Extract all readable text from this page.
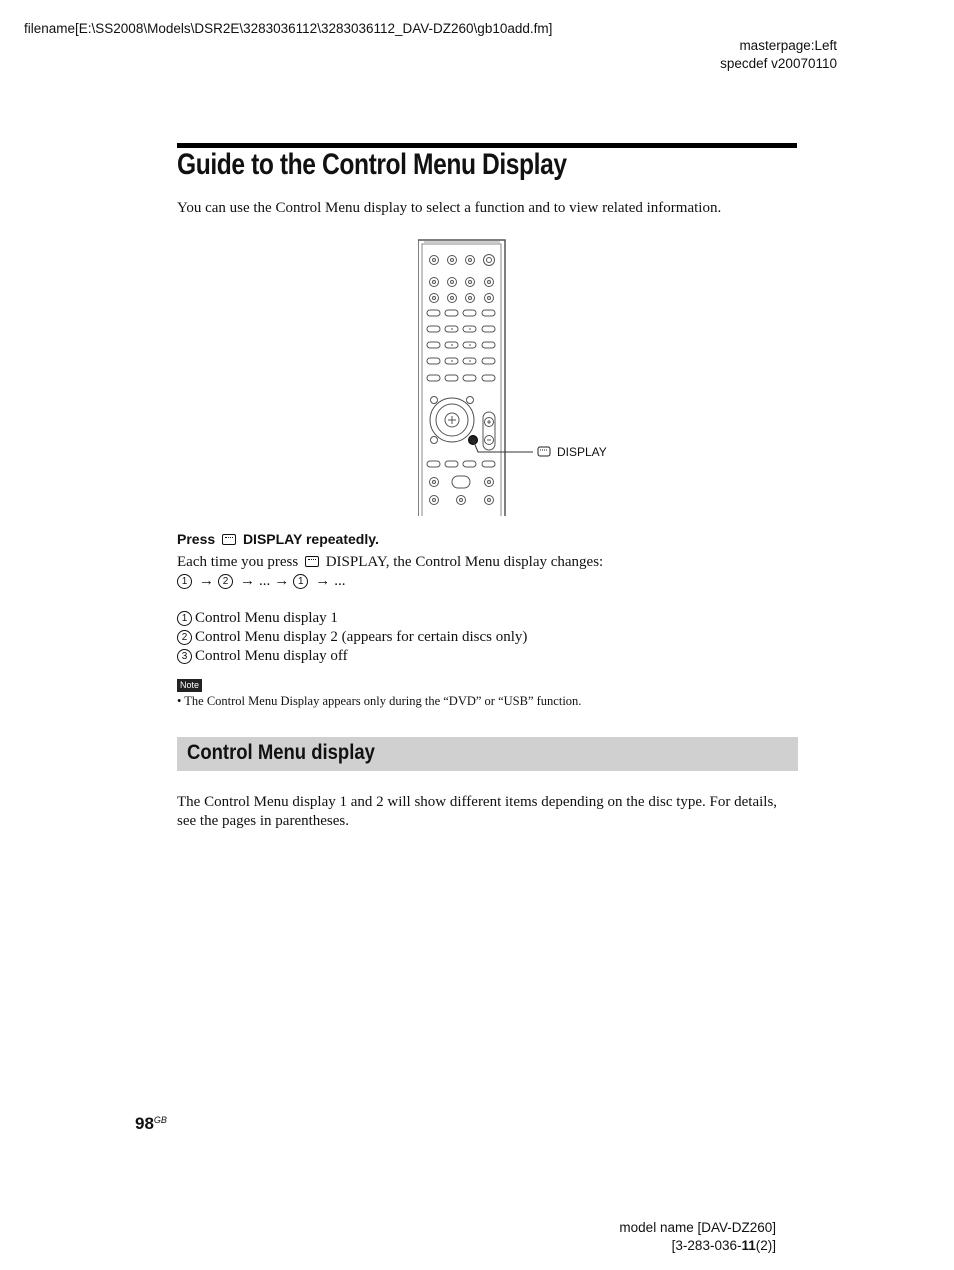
filename[E:\SS2008\Models\DSR2E\3283036112\3283036112_DAV-DZ260\gb10add.fm]
masterpage:Left
specdef v20070110
Guide to the Control Menu Display
You can use the Control Menu display to select a function and to view related information.
DISPLAY
Press DISPLAY repeatedly.
Each time you press DISPLAY, the Control Menu display changes:
1 → 2 → ... → 1 → ...
1 Control Menu display 1
2 Control Menu display 2 (appears for certain discs only)
3 Control Menu display off
Note
• The Control Menu Display appears only during the “DVD” or “USB” function.
Control Menu display
The Control Menu display 1 and 2 will show different items depending on the disc type. For details, see the pages in parentheses.
$98^{GB}$
model name [DAV-DZ260]
[3-283-036-11(2)]
